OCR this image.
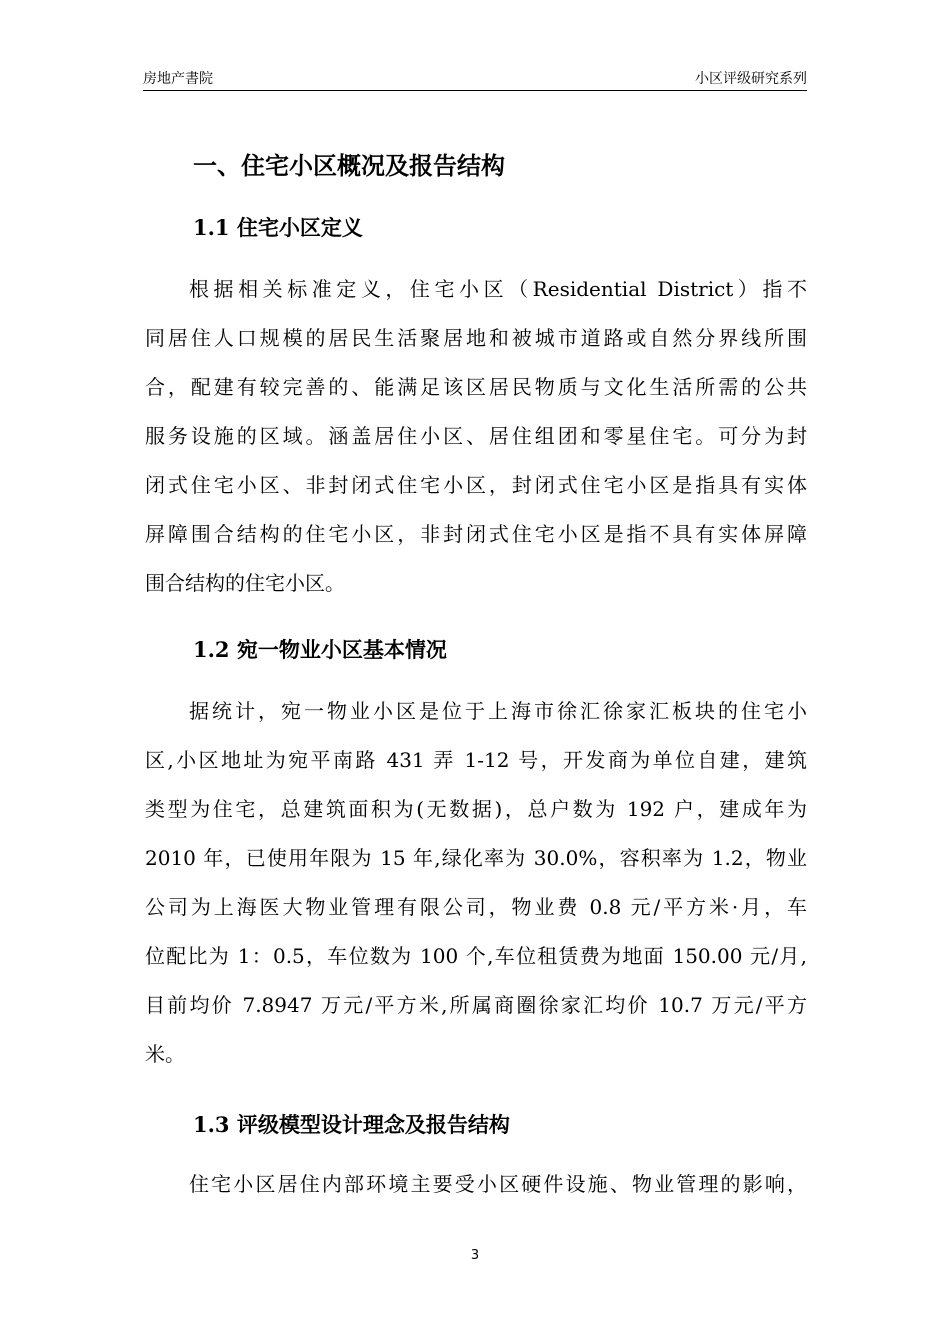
房地产書院	小区评级研究系列
一、住宅小区概况及报告结构
1.1 住宅小区定义
根据相关标准定义，住宅小区（Residential District）指不
同居住人口规模的居民生活聚居地和被城市道路或自然分界线所围
合，配建有较完善的、能满足该区居民物质与文化生活所需的公共
服务设施的区域。涵盖居住小区、居住组团和零星住宅。可分为封
闭式住宅小区、非封闭式住宅小区，封闭式住宅小区是指具有实体
屏障围合结构的住宅小区，非封闭式住宅小区是指不具有实体屏障
围合结构的住宅小区。
1.2 宛一物业小区基本情况
据统计，宛一物业小区是位于上海市徐汇徐家汇板块的住宅小
区,小区地址为宛平南路 431 弄 1-12 号，开发商为单位自建，建筑
类型为住宅，总建筑面积为(无数据)，总户数为 192 户，建成年为
2010 年，已使用年限为 15 年,绿化率为 30.0%，容积率为 1.2，物业
公司为上海医大物业管理有限公司，物业费 0.8 元/平方米·月，车
位配比为 1：0.5，车位数为 100 个,车位租赁费为地面 150.00 元/月,
目前均价 7.8947 万元/平方米,所属商圈徐家汇均价 10.7 万元/平方
米。
1.3 评级模型设计理念及报告结构
住宅小区居住内部环境主要受小区硬件设施、物业管理的影响，
3
